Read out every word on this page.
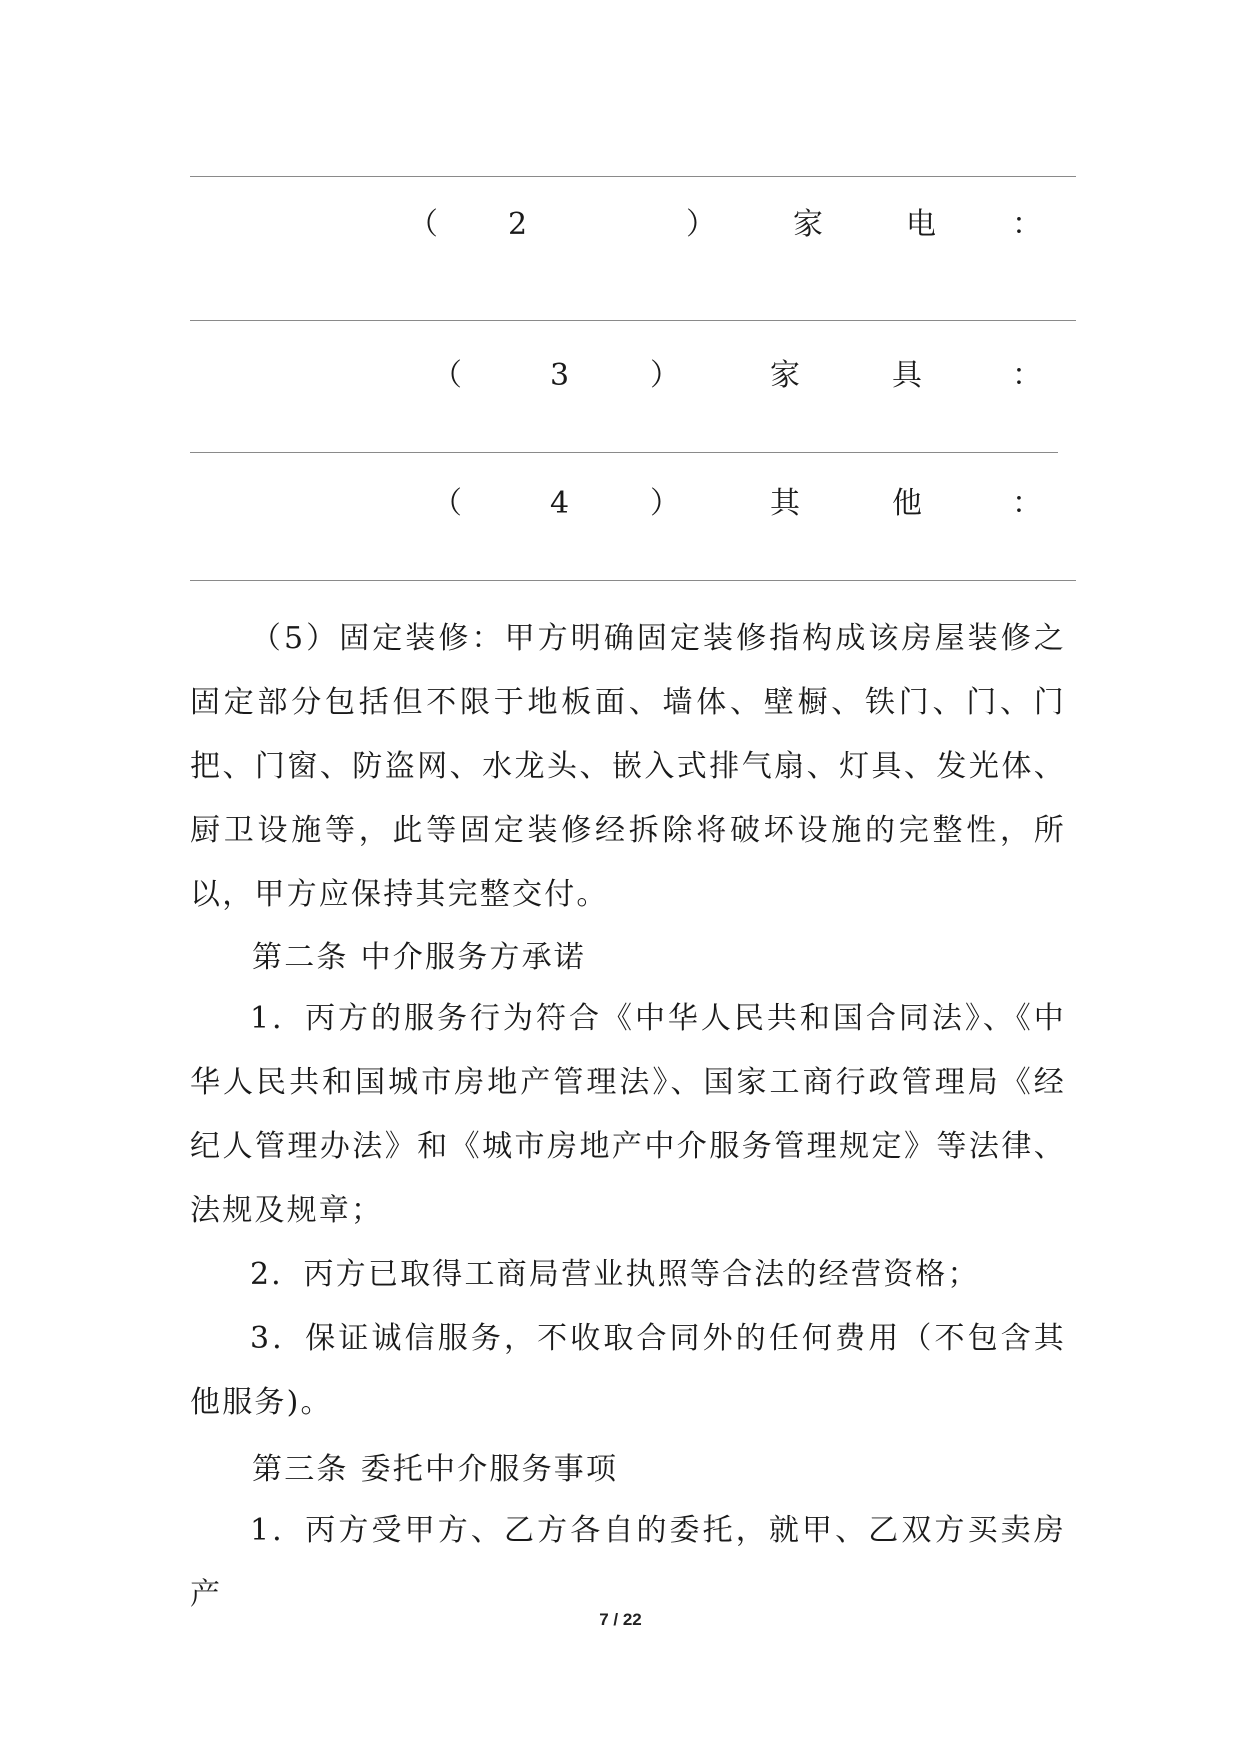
（ 2	）	家	电	：
（	3	）	家	具	：
（	4	）	其	他	：

（5）固定装修：甲方明确固定装修指构成该房屋装修之固定部分包括但不限于地板面、墙体、壁橱、铁门、门、门把、门窗、防盗网、水龙头、嵌入式排气扇、灯具、发光体、厨卫设施等，此等固定装修经拆除将破坏设施的完整性，所以，甲方应保持其完整交付。

第二条 中介服务方承诺

1．丙方的服务行为符合《中华人民共和国合同法》、《中华人民共和国城市房地产管理法》、国家工商行政管理局《经纪人管理办法》和《城市房地产中介服务管理规定》等法律、法规及规章；

2．丙方已取得工商局营业执照等合法的经营资格；

3．保证诚信服务，不收取合同外的任何费用（不包含其他服务)。

第三条 委托中介服务事项

1．丙方受甲方、乙方各自的委托，就甲、乙双方买卖房产

7 / 22
